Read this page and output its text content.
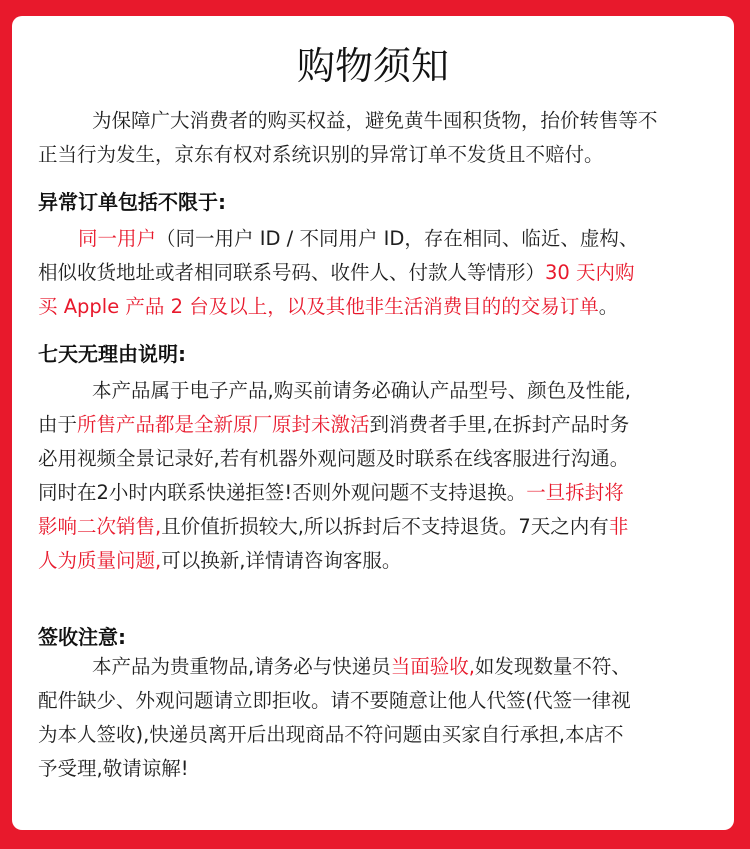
购物须知
为保障广大消费者的购买权益，避免黄牛囤积货物，抬价转售等不
正当行为发生，京东有权对系统识别的异常订单不发货且不赔付。
异常订单包括不限于:
同一用户（同一用户 ID / 不同用户 ID，存在相同、临近、虚构、
相似收货地址或者相同联系号码、收件人、付款人等情形）30 天内购
买 Apple 产品 2 台及以上，以及其他非生活消费目的的交易订单。
七天无理由说明:
本产品属于电子产品,购买前请务必确认产品型号、颜色及性能,
由于所售产品都是全新原厂原封未激活到消费者手里,在拆封产品时务
必用视频全景记录好,若有机器外观问题及时联系在线客服进行沟通。
同时在2小时内联系快递拒签!否则外观问题不支持退换。一旦拆封将
影响二次销售,且价值折损较大,所以拆封后不支持退货。7天之内有非
人为质量问题,可以换新,详情请咨询客服。
签收注意:
本产品为贵重物品,请务必与快递员当面验收,如发现数量不符、
配件缺少、外观问题请立即拒收。请不要随意让他人代签(代签一律视
为本人签收),快递员离开后出现商品不符问题由买家自行承担,本店不
予受理,敬请谅解!
